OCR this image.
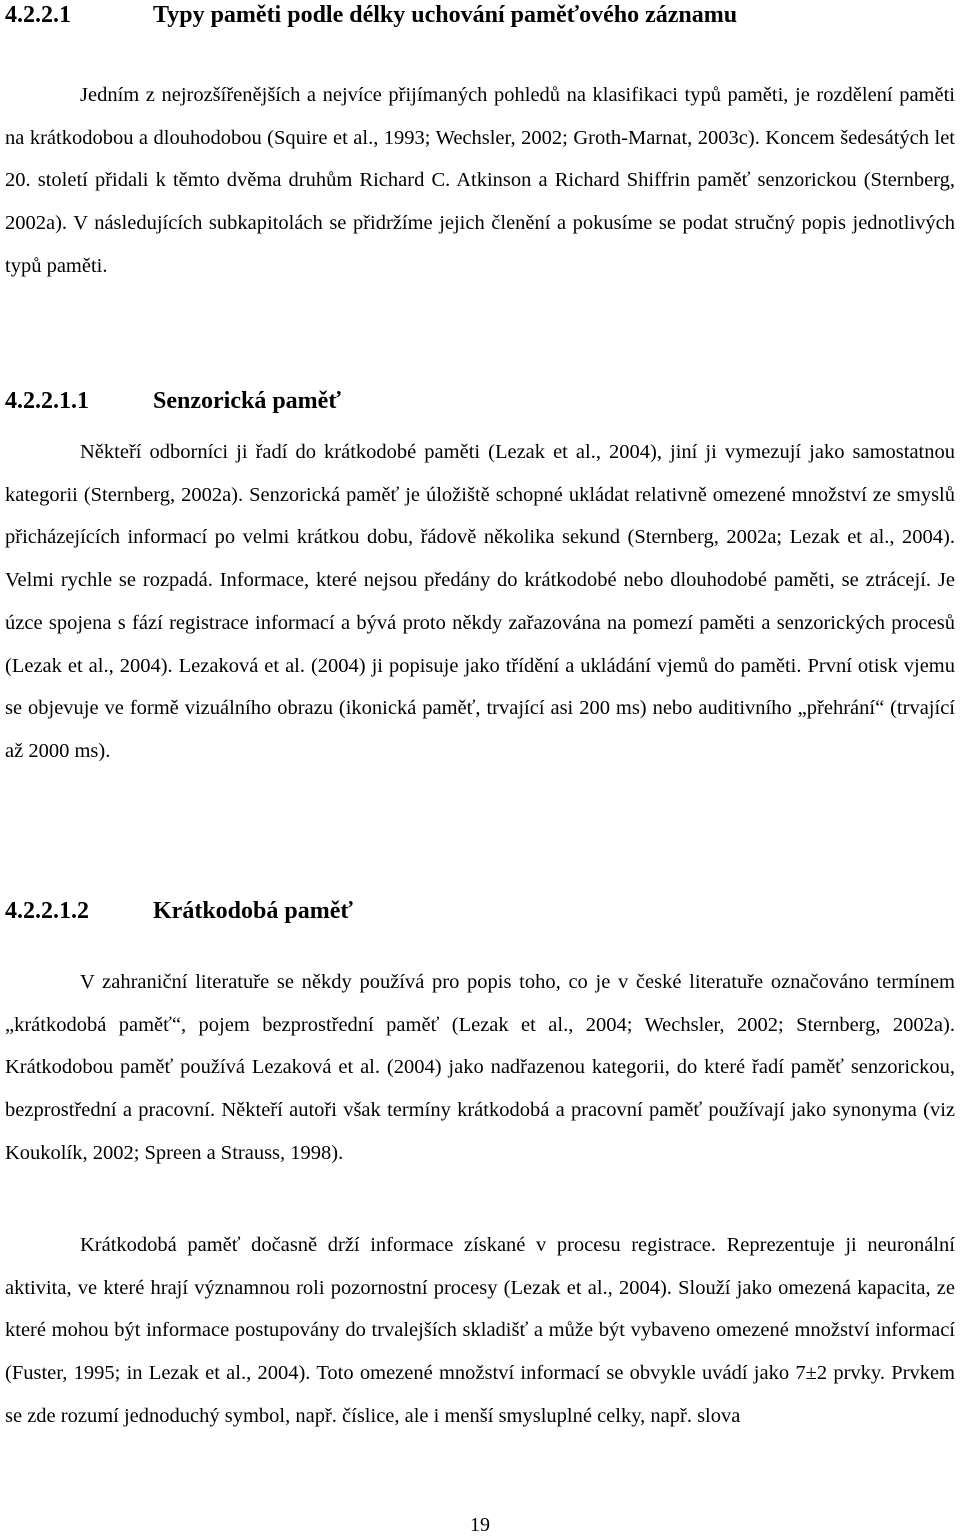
4.2.2.1	Typy paměti podle délky uchování paměťového záznamu

Jedním z nejrozšířenějších a nejvíce přijímaných pohledů na klasifikaci typů paměti, je rozdělení paměti na krátkodobou a dlouhodobou (Squire et al., 1993; Wechsler, 2002; Groth-Marnat, 2003c). Koncem šedesátých let 20. století přidali k těmto dvěma druhům Richard C. Atkinson a Richard Shiffrin paměť senzorickou (Sternberg, 2002a). V následujících subkapitolách se přidržíme jejich členění a pokusíme se podat stručný popis jednotlivých typů paměti.

4.2.2.1.1	Senzorická paměť

Někteří odborníci ji řadí do krátkodobé paměti (Lezak et al., 2004), jiní ji vymezují jako samostatnou kategorii (Sternberg, 2002a). Senzorická paměť je úložiště schopné ukládat relativně omezené množství ze smyslů přicházejících informací po velmi krátkou dobu, řádově několika sekund (Sternberg, 2002a; Lezak et al., 2004). Velmi rychle se rozpadá. Informace, které nejsou předány do krátkodobé nebo dlouhodobé paměti, se ztrácejí. Je úzce spojena s fází registrace informací a bývá proto někdy zařazována na pomezí paměti a senzorických procesů (Lezak et al., 2004). Lezaková et al. (2004) ji popisuje jako třídění a ukládání vjemů do paměti. První otisk vjemu se objevuje ve formě vizuálního obrazu (ikonická paměť, trvající asi 200 ms) nebo auditivního „přehrání“ (trvající až 2000 ms).

4.2.2.1.2	Krátkodobá paměť

V zahraniční literatuře se někdy používá pro popis toho, co je v české literatuře označováno termínem „krátkodobá paměť“, pojem bezprostřední paměť (Lezak et al., 2004; Wechsler, 2002; Sternberg, 2002a). Krátkodobou paměť používá Lezaková et al. (2004) jako nadřazenou kategorii, do které řadí paměť senzorickou, bezprostřední a pracovní. Někteří autoři však termíny krátkodobá a pracovní paměť používají jako synonyma (viz Koukolík, 2002; Spreen a Strauss, 1998).

Krátkodobá paměť dočasně drží informace získané v procesu registrace. Reprezentuje ji neuronální aktivita, ve které hrají významnou roli pozornostní procesy (Lezak et al., 2004). Slouží jako omezená kapacita, ze které mohou být informace postupovány do trvalejších skladišť a může být vybaveno omezené množství informací (Fuster, 1995; in Lezak et al., 2004). Toto omezené množství informací se obvykle uvádí jako 7±2 prvky. Prvkem se zde rozumí jednoduchý symbol, např. číslice, ale i menší smysluplné celky, např. slova

19
